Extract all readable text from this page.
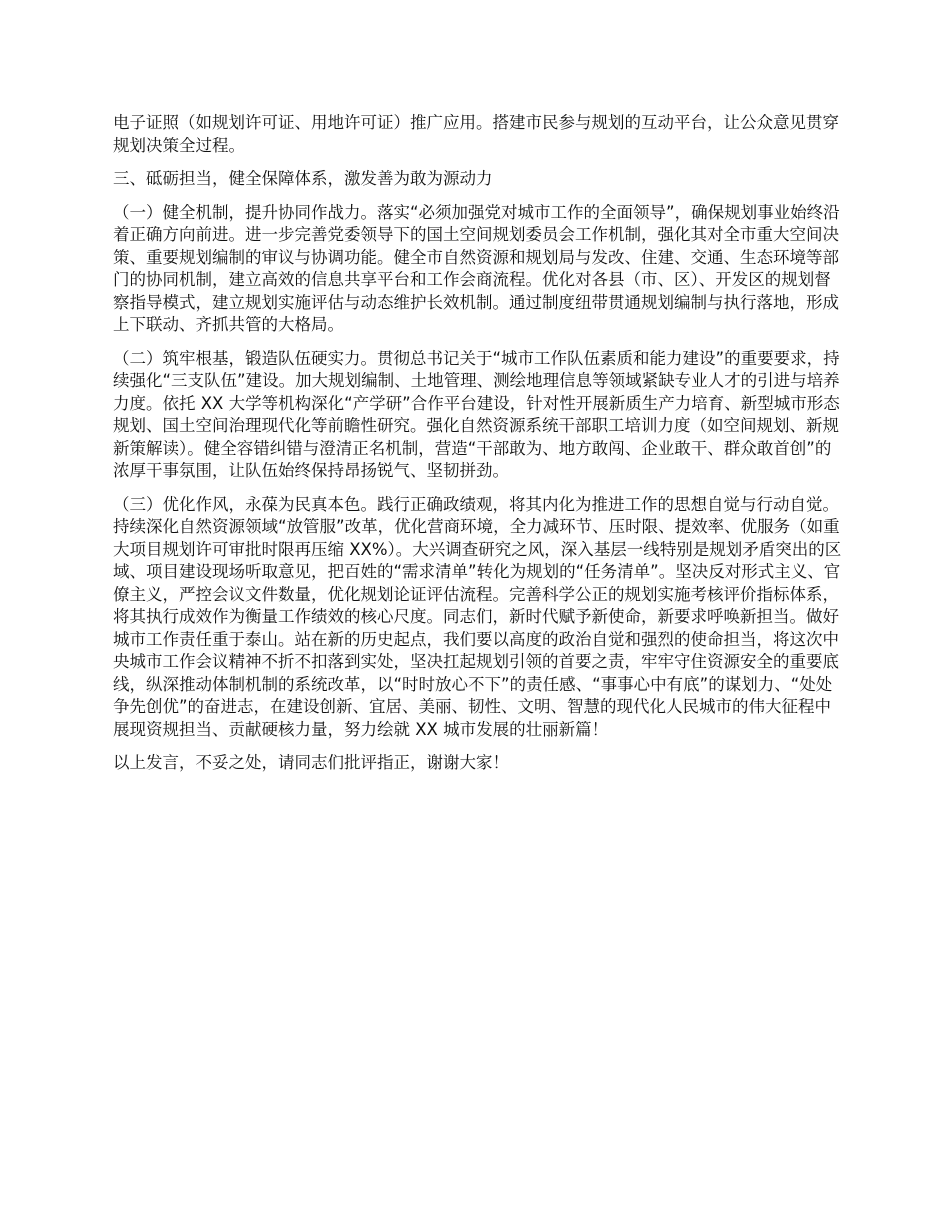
电子证照（如规划许可证、用地许可证）推广应用。搭建市民参与规划的互动平台，让公众意见贯穿规划决策全过程。

三、砥砺担当，健全保障体系，激发善为敢为源动力

（一）健全机制，提升协同作战力。落实“必须加强党对城市工作的全面领导”，确保规划事业始终沿着正确方向前进。进一步完善党委领导下的国土空间规划委员会工作机制，强化其对全市重大空间决策、重要规划编制的审议与协调功能。健全市自然资源和规划局与发改、住建、交通、生态环境等部门的协同机制，建立高效的信息共享平台和工作会商流程。优化对各县（市、区）、开发区的规划督察指导模式，建立规划实施评估与动态维护长效机制。通过制度纽带贯通规划编制与执行落地，形成上下联动、齐抓共管的大格局。

（二）筑牢根基，锻造队伍硬实力。贯彻总书记关于“城市工作队伍素质和能力建设”的重要要求，持续强化“三支队伍”建设。加大规划编制、土地管理、测绘地理信息等领域紧缺专业人才的引进与培养力度。依托 XX 大学等机构深化“产学研”合作平台建设，针对性开展新质生产力培育、新型城市形态规划、国土空间治理现代化等前瞻性研究。强化自然资源系统干部职工培训力度（如空间规划、新规新策解读）。健全容错纠错与澄清正名机制，营造“干部敢为、地方敢闯、企业敢干、群众敢首创”的浓厚干事氛围，让队伍始终保持昂扬锐气、坚韧拼劲。

（三）优化作风，永葆为民真本色。践行正确政绩观，将其内化为推进工作的思想自觉与行动自觉。持续深化自然资源领域“放管服”改革，优化营商环境，全力减环节、压时限、提效率、优服务（如重大项目规划许可审批时限再压缩 XX%）。大兴调查研究之风，深入基层一线特别是规划矛盾突出的区域、项目建设现场听取意见，把百姓的“需求清单”转化为规划的“任务清单”。坚决反对形式主义、官僚主义，严控会议文件数量，优化规划论证评估流程。完善科学公正的规划实施考核评价指标体系，将其执行成效作为衡量工作绩效的核心尺度。同志们，新时代赋予新使命，新要求呼唤新担当。做好城市工作责任重于泰山。站在新的历史起点，我们要以高度的政治自觉和强烈的使命担当，将这次中央城市工作会议精神不折不扣落到实处，坚决扛起规划引领的首要之责，牢牢守住资源安全的重要底线，纵深推动体制机制的系统改革，以“时时放心不下”的责任感、“事事心中有底”的谋划力、“处处争先创优”的奋进志，在建设创新、宜居、美丽、韧性、文明、智慧的现代化人民城市的伟大征程中展现资规担当、贡献硬核力量，努力绘就 XX 城市发展的壮丽新篇！

以上发言，不妥之处，请同志们批评指正，谢谢大家！
